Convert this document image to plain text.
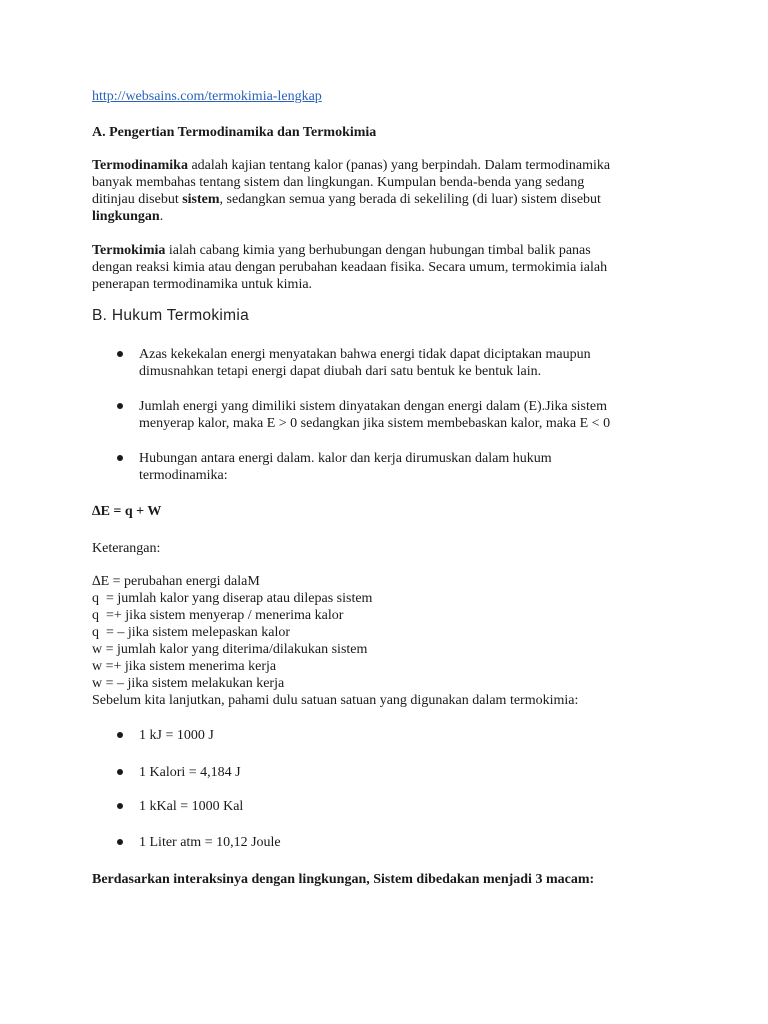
http://websains.com/termokimia-lengkap
A. Pengertian Termodinamika dan Termokimia
Termodinamika adalah kajian tentang kalor (panas) yang berpindah. Dalam termodinamika
banyak membahas tentang sistem dan lingkungan. Kumpulan benda-benda yang sedang
ditinjau disebut sistem, sedangkan semua yang berada di sekeliling (di luar) sistem disebut
lingkungan.
Termokimia ialah cabang kimia yang berhubungan dengan hubungan timbal balik panas
dengan reaksi kimia atau dengan perubahan keadaan fisika. Secara umum, termokimia ialah
penerapan termodinamika untuk kimia.
B. Hukum Termokimia
Azas kekekalan energi menyatakan bahwa energi tidak dapat diciptakan maupun
dimusnahkan tetapi energi dapat diubah dari satu bentuk ke bentuk lain.
Jumlah energi yang dimiliki sistem dinyatakan dengan energi dalam (E).Jika sistem
menyerap kalor, maka E > 0 sedangkan jika sistem membebaskan kalor, maka E < 0
Hubungan antara energi dalam. kalor dan kerja dirumuskan dalam hukum
termodinamika:
∆E = q + W
Keterangan:
∆E = perubahan energi dalaM
q  = jumlah kalor yang diserap atau dilepas sistem
q  =+ jika sistem menyerap / menerima kalor
q  = – jika sistem melepaskan kalor
w = jumlah kalor yang diterima/dilakukan sistem
w =+ jika sistem menerima kerja
w = – jika sistem melakukan kerja
Sebelum kita lanjutkan, pahami dulu satuan satuan yang digunakan dalam termokimia:
1 kJ = 1000 J
1 Kalori = 4,184 J
1 kKal = 1000 Kal
1 Liter atm = 10,12 Joule
Berdasarkan interaksinya dengan lingkungan, Sistem dibedakan menjadi 3 macam:
